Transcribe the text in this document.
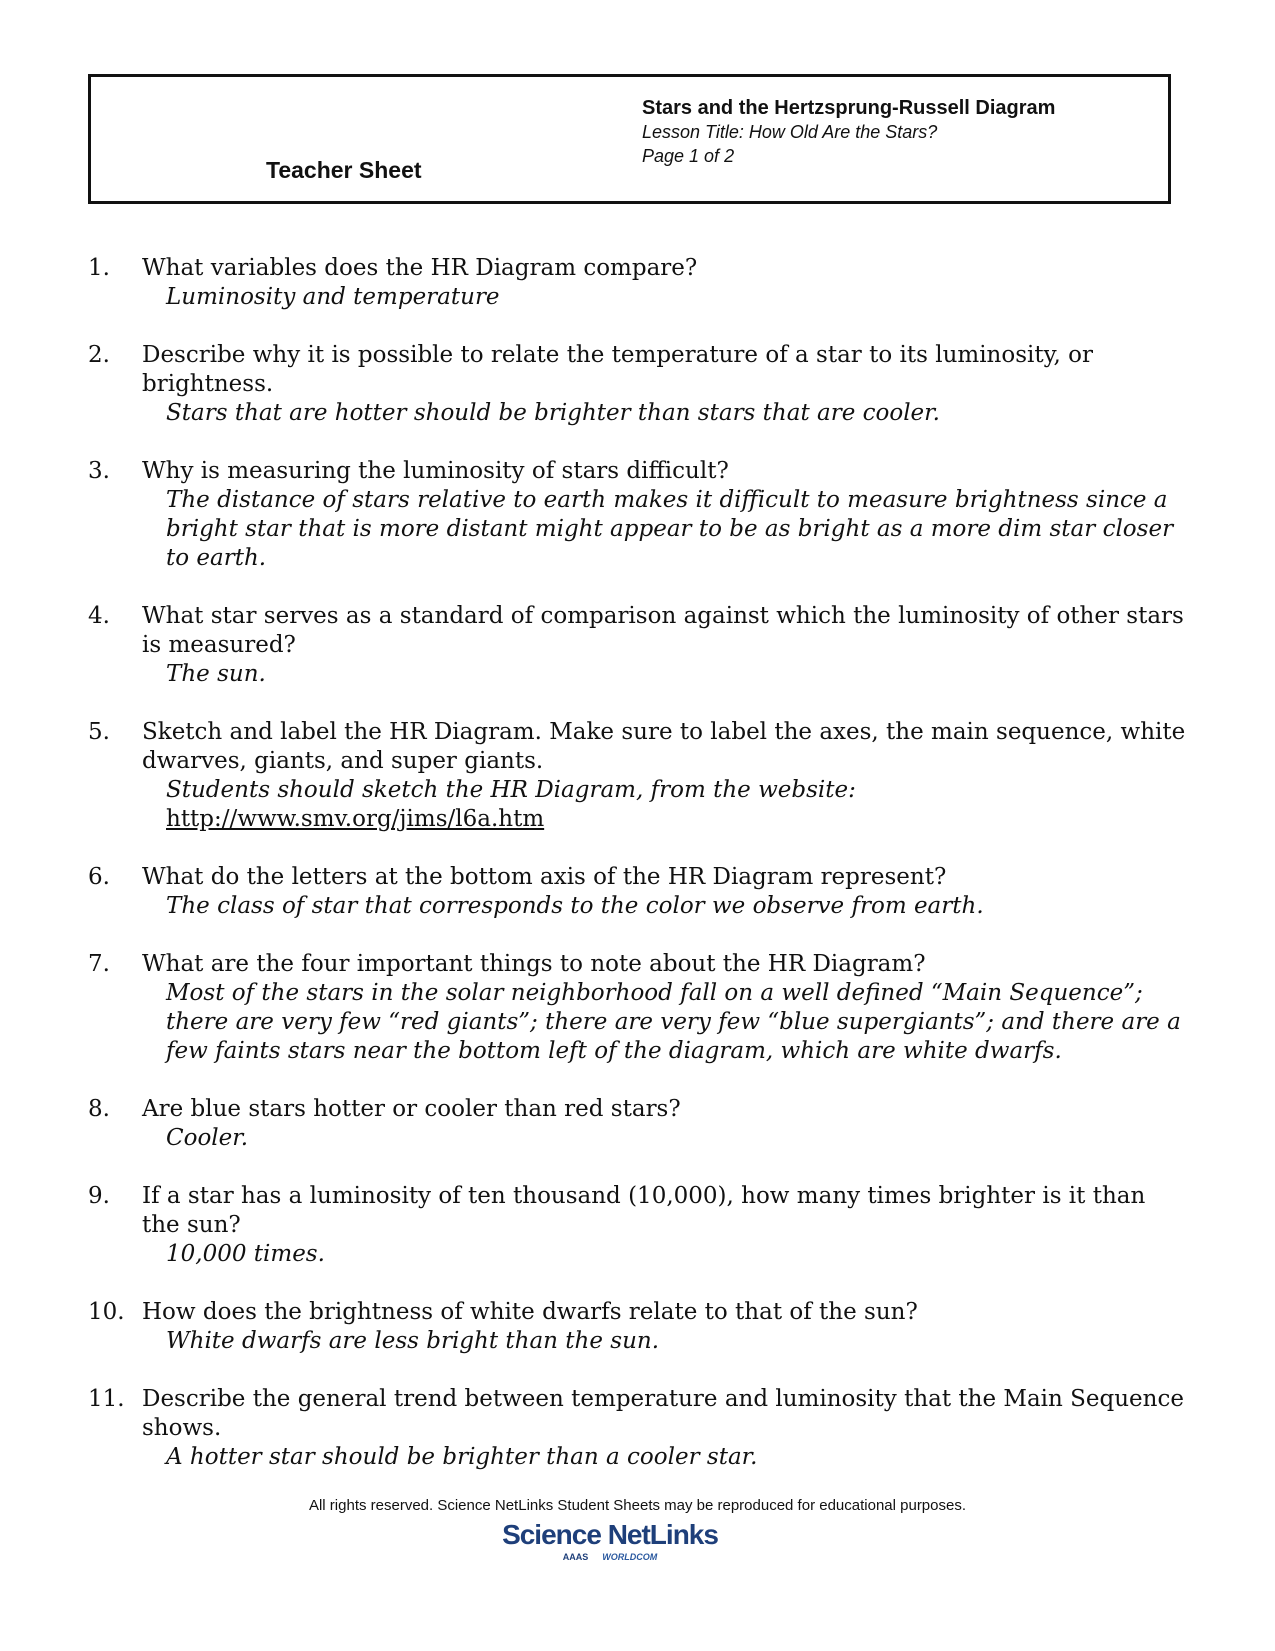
Teacher Sheet
Stars and the Hertzsprung-Russell Diagram
Lesson Title: How Old Are the Stars?
Page 1 of 2
1.	What variables does the HR Diagram compare?
Luminosity and temperature
2.	Describe why it is possible to relate the temperature of a star to its luminosity, or brightness.
Stars that are hotter should be brighter than stars that are cooler.
3.	Why is measuring the luminosity of stars difficult?
The distance of stars relative to earth makes it difficult to measure brightness since a bright star that is more distant might appear to be as bright as a more dim star closer to earth.
4.	What star serves as a standard of comparison against which the luminosity of other stars is measured?
The sun.
5.	Sketch and label the HR Diagram. Make sure to label the axes, the main sequence, white dwarves, giants, and super giants.
Students should sketch the HR Diagram, from the website:
http://www.smv.org/jims/l6a.htm
6.	What do the letters at the bottom axis of the HR Diagram represent?
The class of star that corresponds to the color we observe from earth.
7.	What are the four important things to note about the HR Diagram?
Most of the stars in the solar neighborhood fall on a well defined “Main Sequence”; there are very few “red giants”; there are very few “blue supergiants”; and there are a few faints stars near the bottom left of the diagram, which are white dwarfs.
8.	Are blue stars hotter or cooler than red stars?
Cooler.
9.	If a star has a luminosity of ten thousand (10,000), how many times brighter is it than the sun?
10,000 times.
10. How does the brightness of white dwarfs relate to that of the sun?
White dwarfs are less bright than the sun.
11. Describe the general trend between temperature and luminosity that the Main Sequence shows.
A hotter star should be brighter than a cooler star.
All rights reserved. Science NetLinks Student Sheets may be reproduced for educational purposes.
Science NetLinks
AAAS WORLDCOM
